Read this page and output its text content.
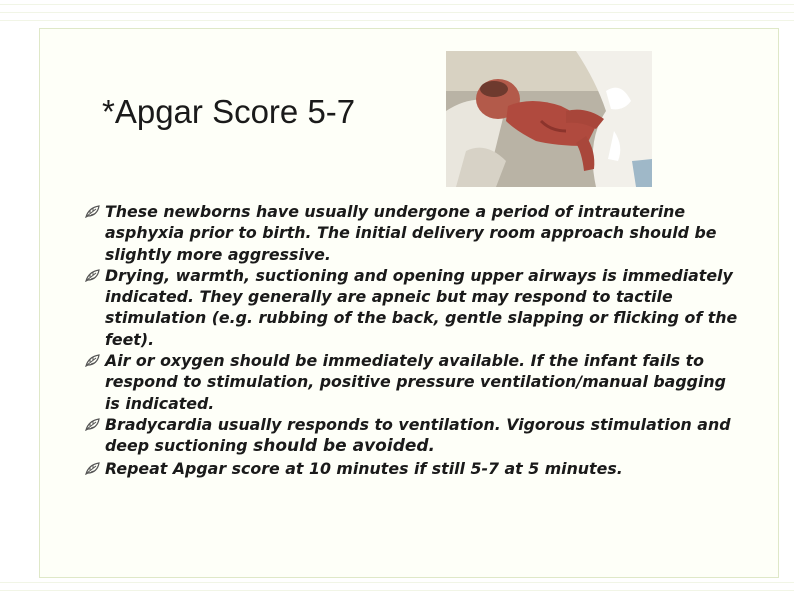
*Apgar Score 5-7
These newborns have usually undergone a period of intrauterine asphyxia prior to birth. The initial delivery room approach should be slightly more aggressive.
Drying, warmth, suctioning and opening upper airways is immediately indicated. They generally are apneic but may respond to tactile stimulation (e.g. rubbing of the back, gentle slapping or flicking of the feet).
Air or oxygen should be immediately available. If the infant fails to respond to stimulation, positive pressure ventilation/manual bagging is indicated.
Bradycardia usually responds to ventilation. Vigorous stimulation and deep suctioning should be avoided.
Repeat Apgar score at 10 minutes if still 5-7 at 5 minutes.
